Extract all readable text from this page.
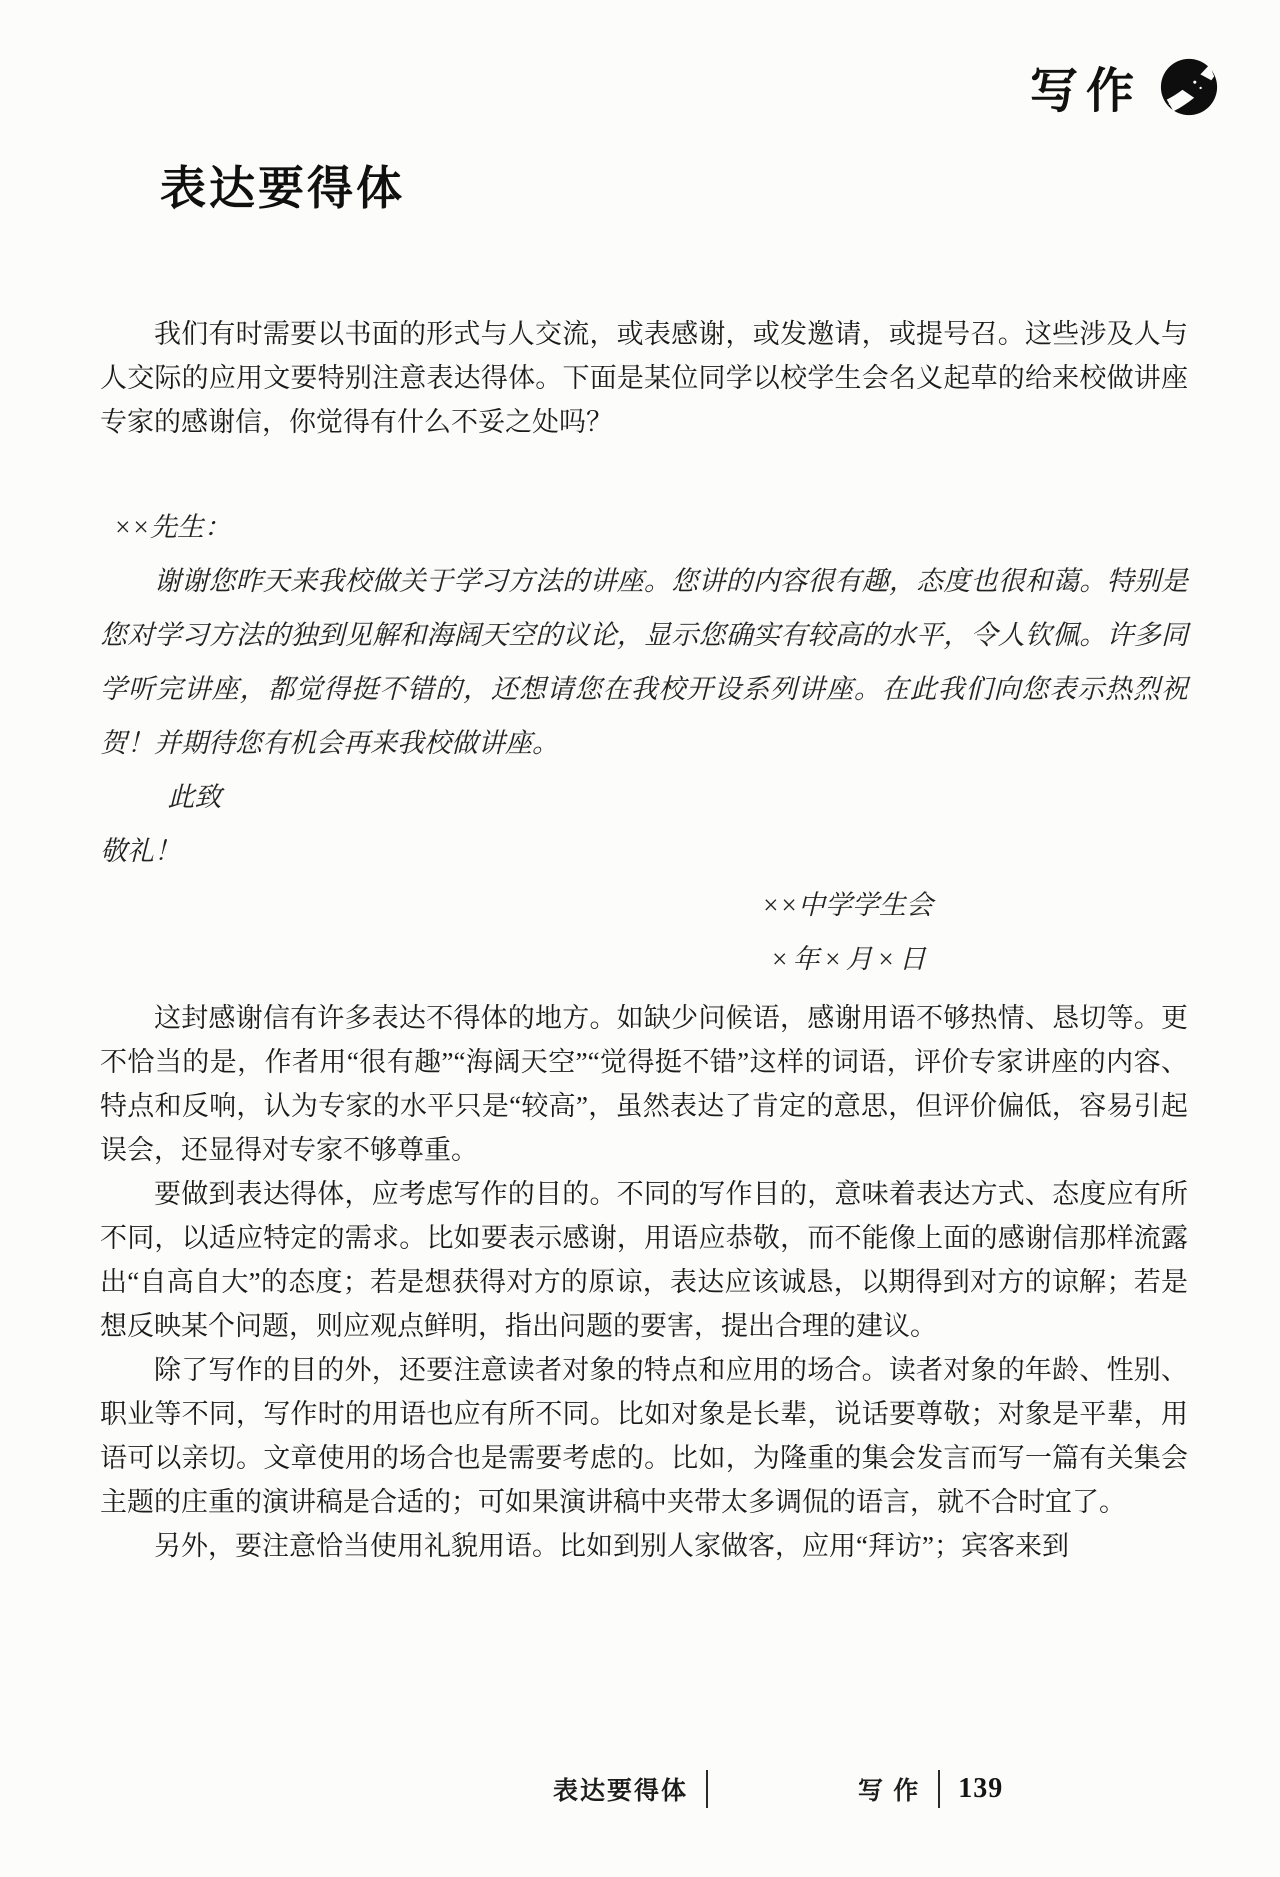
写作
表达要得体

我们有时需要以书面的形式与人交流，或表感谢，或发邀请，或提号召。这些涉及人与人交际的应用文要特别注意表达得体。下面是某位同学以校学生会名义起草的给来校做讲座专家的感谢信，你觉得有什么不妥之处吗？

××先生：

谢谢您昨天来我校做关于学习方法的讲座。您讲的内容很有趣，态度也很和蔼。特别是您对学习方法的独到见解和海阔天空的议论，显示您确实有较高的水平，令人钦佩。许多同学听完讲座，都觉得挺不错的，还想请您在我校开设系列讲座。在此我们向您表示热烈祝贺！并期待您有机会再来我校做讲座。

此致

敬礼！

××中学学生会

×年×月×日

这封感谢信有许多表达不得体的地方。如缺少问候语，感谢用语不够热情、恳切等。更不恰当的是，作者用“很有趣”“海阔天空”“觉得挺不错”这样的词语，评价专家讲座的内容、特点和反响，认为专家的水平只是“较高”，虽然表达了肯定的意思，但评价偏低，容易引起误会，还显得对专家不够尊重。

要做到表达得体，应考虑写作的目的。不同的写作目的，意味着表达方式、态度应有所不同，以适应特定的需求。比如要表示感谢，用语应恭敬，而不能像上面的感谢信那样流露出“自高自大”的态度；若是想获得对方的原谅，表达应该诚恳，以期得到对方的谅解；若是想反映某个问题，则应观点鲜明，指出问题的要害，提出合理的建议。

除了写作的目的外，还要注意读者对象的特点和应用的场合。读者对象的年龄、性别、职业等不同，写作时的用语也应有所不同。比如对象是长辈，说话要尊敬；对象是平辈，用语可以亲切。文章使用的场合也是需要考虑的。比如，为隆重的集会发言而写一篇有关集会主题的庄重的演讲稿是合适的；可如果演讲稿中夹带太多调侃的语言，就不合时宜了。

另外，要注意恰当使用礼貌用语。比如到别人家做客，应用“拜访”；宾客来到

表达要得体	写 作 139
